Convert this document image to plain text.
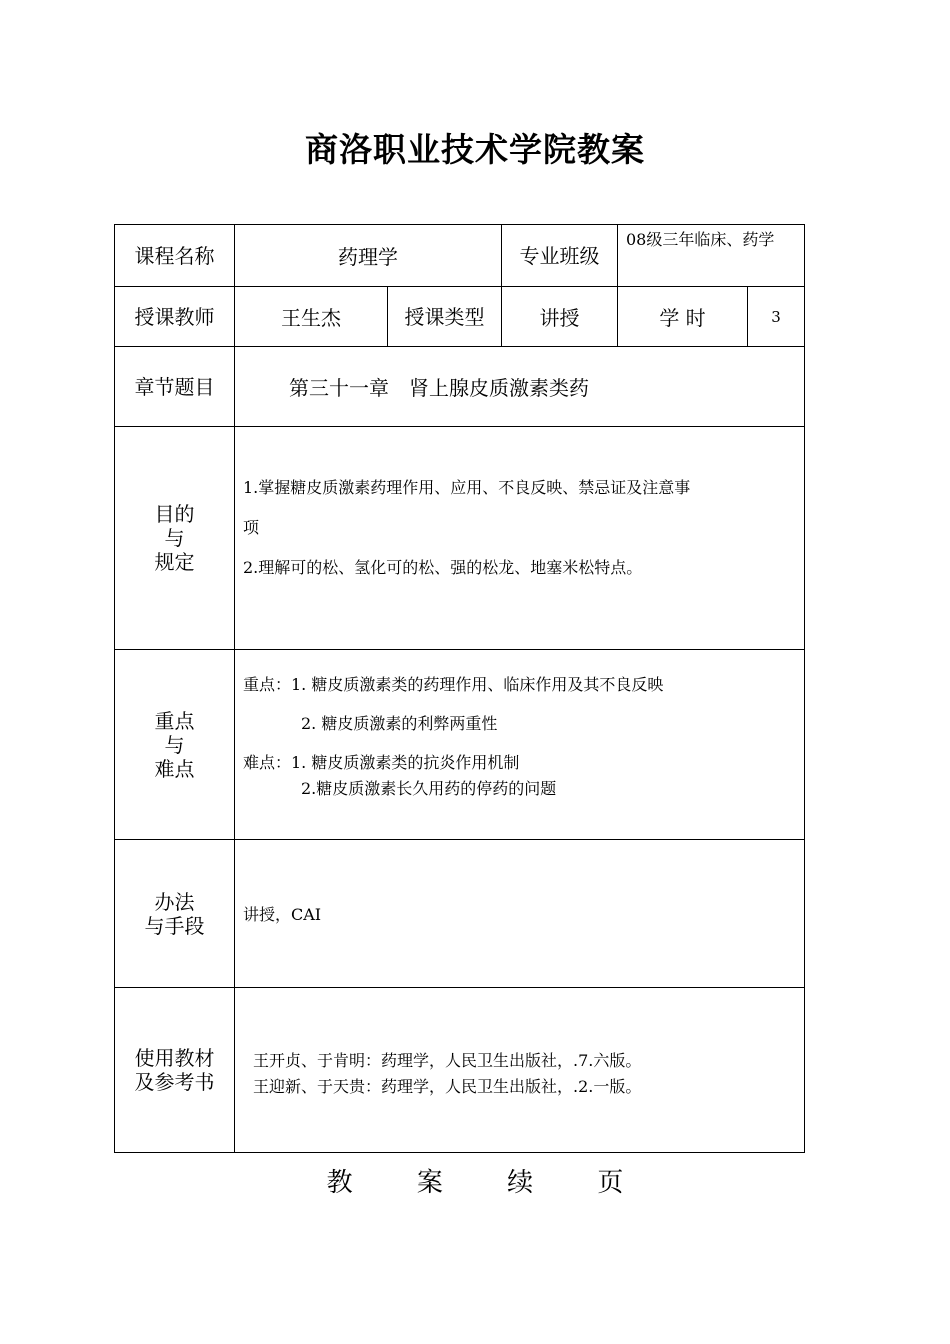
商洛职业技术学院教案
课程名称	药理学		专业班级	08级三年临床、药学	
授课教师	王生杰	授课类型	讲授	学 时	3
章节题目	第三十一章　肾上腺皮质激素类药				

目的
与
规定	1.掌握糖皮质激素药理作用、应用、不良反映、禁忌证及注意事
项
2.理解可的松、氢化可的松、强的松龙、地塞米松特点。				

重点
与
难点	重点：1. 糖皮质激素类的药理作用、临床作用及其不良反映
2. 糖皮质激素的利弊两重性
难点：1. 糖皮质激素类的抗炎作用机制
2.糖皮质激素长久用药的停药的问题				

办法
与手段	讲授，CAI				

使用教材
及参考书	王开贞、于肯明：药理学，人民卫生出版社，.7.六版。
王迎新、于天贵：药理学，人民卫生出版社，.2.一版。				
教 案 续 页
